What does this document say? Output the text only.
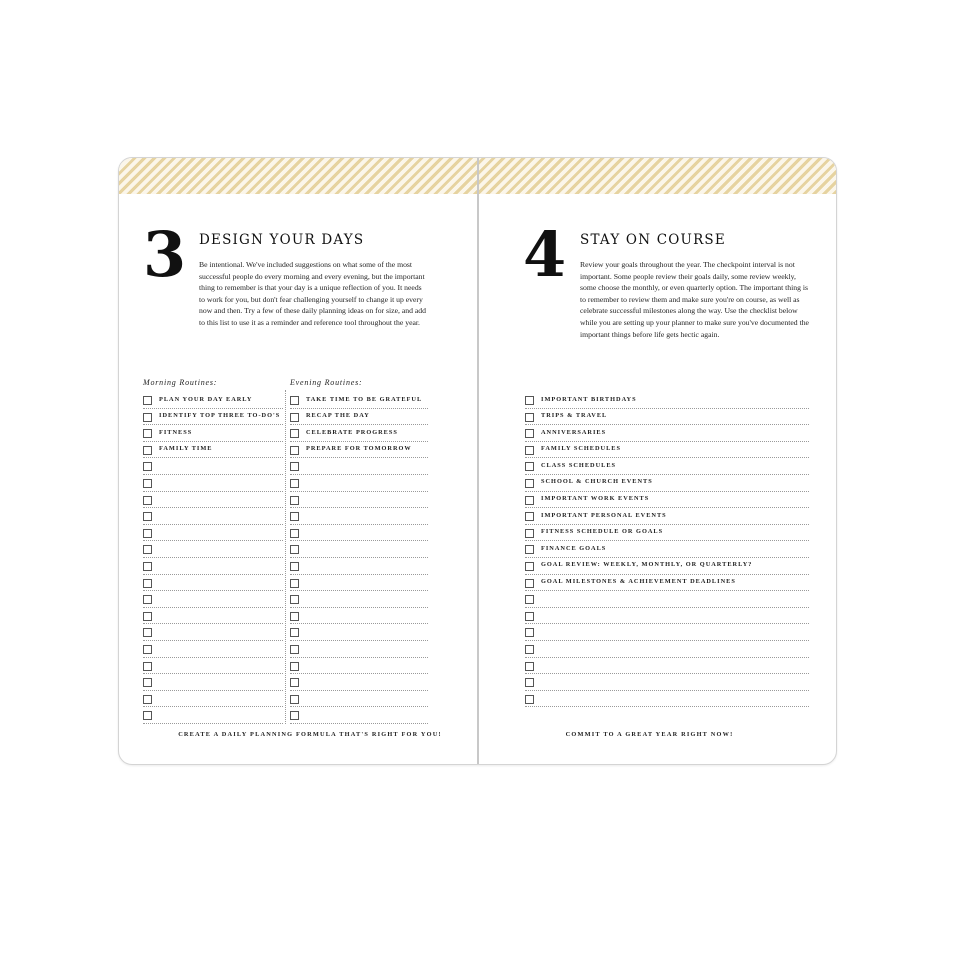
3 DESIGN YOUR DAYS
Be intentional. We've included suggestions on what some of the most successful people do every morning and every evening, but the important thing to remember is that your day is a unique reflection of you. It needs to work for you, but don't fear challenging yourself to change it up every now and then. Try a few of these daily planning ideas on for size, and add to this list to use it as a reminder and reference tool throughout the year.
Morning Routines:	Evening Routines:
PLAN YOUR DAY EARLY
IDENTIFY TOP THREE TO-DO'S
FITNESS
FAMILY TIME
TAKE TIME TO BE GRATEFUL
RECAP THE DAY
CELEBRATE PROGRESS
PREPARE FOR TOMORROW
CREATE A DAILY PLANNING FORMULA THAT'S RIGHT FOR YOU!
4 STAY ON COURSE
Review your goals throughout the year. The checkpoint interval is not important. Some people review their goals daily, some review weekly, some choose the monthly, or even quarterly option. The important thing is to remember to review them and make sure you're on course, as well as celebrate successful milestones along the way. Use the checklist below while you are setting up your planner to make sure you've documented the important things before life gets hectic again.
IMPORTANT BIRTHDAYS
TRIPS & TRAVEL
ANNIVERSARIES
FAMILY SCHEDULES
CLASS SCHEDULES
SCHOOL & CHURCH EVENTS
IMPORTANT WORK EVENTS
IMPORTANT PERSONAL EVENTS
FITNESS SCHEDULE OR GOALS
FINANCE GOALS
GOAL REVIEW: WEEKLY, MONTHLY, OR QUARTERLY?
GOAL MILESTONES & ACHIEVEMENT DEADLINES
COMMIT TO A GREAT YEAR RIGHT NOW!
